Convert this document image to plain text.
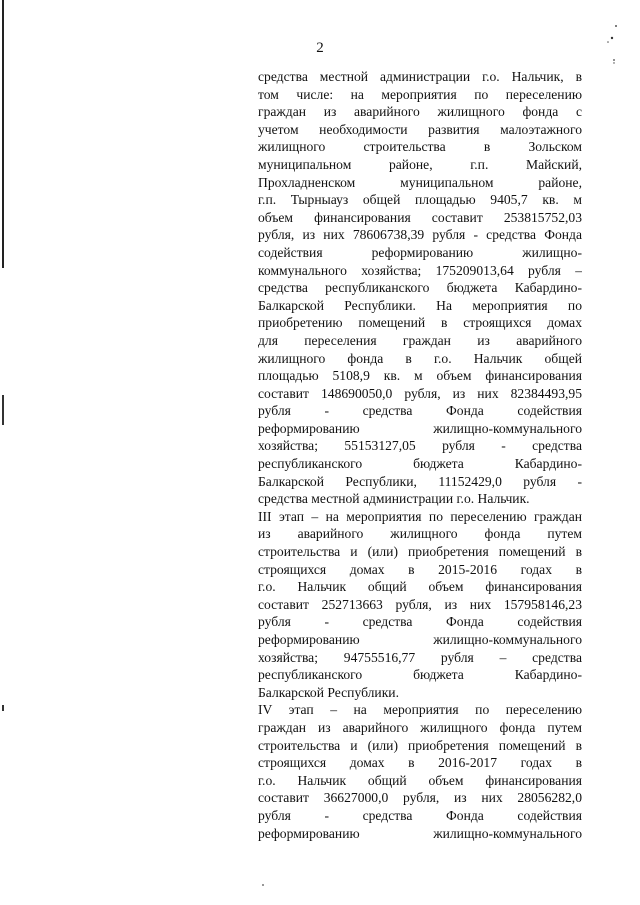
2
средства местной администрации г.о. Нальчик, в
том числе: на мероприятия по переселению
граждан из аварийного жилищного фонда с
учетом необходимости развития малоэтажного
жилищного строительства в Зольском
муниципальном районе, г.п. Майский,
Прохладненском муниципальном районе,
г.п. Тырныауз общей площадью 9405,7 кв. м
объем финансирования составит 253815752,03
рубля, из них 78606738,39 рубля - средства Фонда
содействия реформированию жилищно-
коммунального хозяйства; 175209013,64 рубля –
средства республиканского бюджета Кабардино-
Балкарской Республики. На мероприятия по
приобретению помещений в строящихся домах
для переселения граждан из аварийного
жилищного фонда в г.о. Нальчик общей
площадью 5108,9 кв. м объем финансирования
составит 148690050,0 рубля, из них 82384493,95
рубля - средства Фонда содействия
реформированию жилищно-коммунального
хозяйства; 55153127,05 рубля - средства
республиканского бюджета Кабардино-
Балкарской Республики, 11152429,0 рубля -
средства местной администрации г.о. Нальчик.
III этап – на мероприятия по переселению граждан
из аварийного жилищного фонда путем
строительства и (или) приобретения помещений в
строящихся домах в 2015-2016 годах в
г.о. Нальчик общий объем финансирования
составит 252713663 рубля, из них 157958146,23
рубля - средства Фонда содействия
реформированию жилищно-коммунального
хозяйства; 94755516,77 рубля – средства
республиканского бюджета Кабардино-
Балкарской Республики.
IV этап – на мероприятия по переселению
граждан из аварийного жилищного фонда путем
строительства и (или) приобретения помещений в
строящихся домах в 2016-2017 годах в
г.о. Нальчик общий объем финансирования
составит 36627000,0 рубля, из них 28056282,0
рубля - средства Фонда содействия
реформированию жилищно-коммунального
